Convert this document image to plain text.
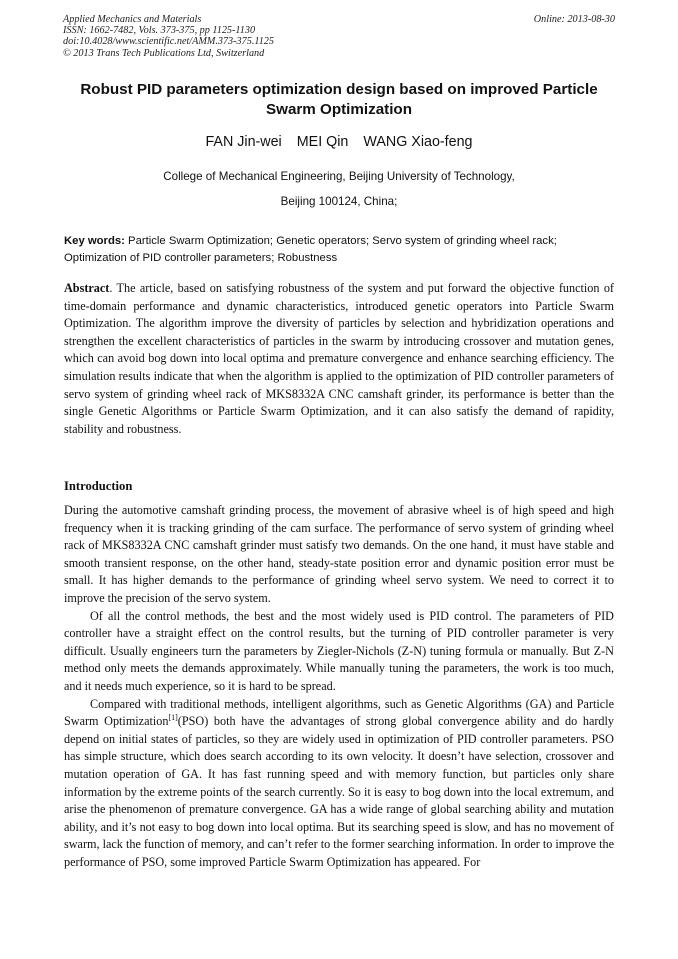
Applied Mechanics and Materials
ISSN: 1662-7482, Vols. 373-375, pp 1125-1130
doi:10.4028/www.scientific.net/AMM.373-375.1125
© 2013 Trans Tech Publications Ltd, Switzerland
Online: 2013-08-30
Robust PID parameters optimization design based on improved Particle Swarm Optimization
FAN Jin-wei MEI Qin WANG Xiao-feng
College of Mechanical Engineering, Beijing University of Technology,
Beijing 100124, China;
Key words: Particle Swarm Optimization; Genetic operators; Servo system of grinding wheel rack; Optimization of PID controller parameters; Robustness

Abstract. The article, based on satisfying robustness of the system and put forward the objective function of time-domain performance and dynamic characteristics, introduced genetic operators into Particle Swarm Optimization. The algorithm improve the diversity of particles by selection and hybridization operations and strengthen the excellent characteristics of particles in the swarm by introducing crossover and mutation genes, which can avoid bog down into local optima and premature convergence and enhance searching efficiency. The simulation results indicate that when the algorithm is applied to the optimization of PID controller parameters of servo system of grinding wheel rack of MKS8332A CNC camshaft grinder, its performance is better than the single Genetic Algorithms or Particle Swarm Optimization, and it can also satisfy the demand of rapidity, stability and robustness.

Introduction

During the automotive camshaft grinding process, the movement of abrasive wheel is of high speed and high frequency when it is tracking grinding of the cam surface. The performance of servo system of grinding wheel rack of MKS8332A CNC camshaft grinder must satisfy two demands. On the one hand, it must have stable and smooth transient response, on the other hand, steady-state position error and dynamic position error must be small. It has higher demands to the performance of grinding wheel servo system. We need to correct it to improve the precision of the servo system.

Of all the control methods, the best and the most widely used is PID control. The parameters of PID controller have a straight effect on the control results, but the turning of PID controller parameter is very difficult. Usually engineers turn the parameters by Ziegler-Nichols (Z-N) tuning formula or manually. But Z-N method only meets the demands approximately. While manually tuning the parameters, the work is too much, and it needs much experience, so it is hard to be spread.

Compared with traditional methods, intelligent algorithms, such as Genetic Algorithms (GA) and Particle Swarm Optimization[1](PSO) both have the advantages of strong global convergence ability and do hardly depend on initial states of particles, so they are widely used in optimization of PID controller parameters. PSO has simple structure, which does search according to its own velocity. It doesn’t have selection, crossover and mutation operation of GA. It has fast running speed and with memory function, but particles only share information by the extreme points of the search currently. So it is easy to bog down into the local extremum, and arise the phenomenon of premature convergence. GA has a wide range of global searching ability and mutation ability, and it’s not easy to bog down into local optima. But its searching speed is slow, and has no movement of swarm, lack the function of memory, and can’t refer to the former searching information. In order to improve the performance of PSO, some improved Particle Swarm Optimization has appeared. For
